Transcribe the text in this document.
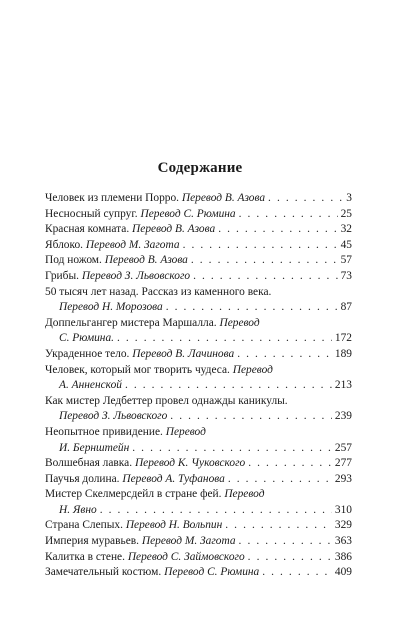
Содержание
Человек из племени Порро.
Перевод В. Азова . . .	3
Несносный супруг.
Перевод С. Рюмина . . .	25
Красная комната.
Перевод В. Азова . . .	32
Яблоко.
Перевод М. Загота . . .	45
Под ножом.
Перевод В. Азова . . .	57
Грибы.
Перевод З. Львовского . . .	73
50 тысяч лет назад. Рассказ из каменного века.
Перевод Н. Морозова . . .	87
Доппельгангер мистера Маршалла.
Перевод
С. Рюмина. . . .	172
Украденное тело.
Перевод В. Лачинова . . .	189
Человек, который мог творить чудеса.
Перевод
А. Анненской . . .	213
Как мистер Ледбеттер провел однажды каникулы.
Перевод З. Львовского . . .	239
Неопытное привидение.
Перевод
И. Бернштейн . . .	257
Волшебная лавка.
Перевод К. Чуковского . . .	277
Паучья долина.
Перевод А. Туфанова . . .	293
Мистер Скелмерсдейл в стране фей.
Перевод
Н. Явно . . .	310
Страна Слепых.
Перевод Н. Вольпин . . .	329
Империя муравьев.
Перевод М. Загота . . .	363
Калитка в стене.
Перевод С. Займовского . . .	386
Замечательный костюм.
Перевод С. Рюмина . . .	409
